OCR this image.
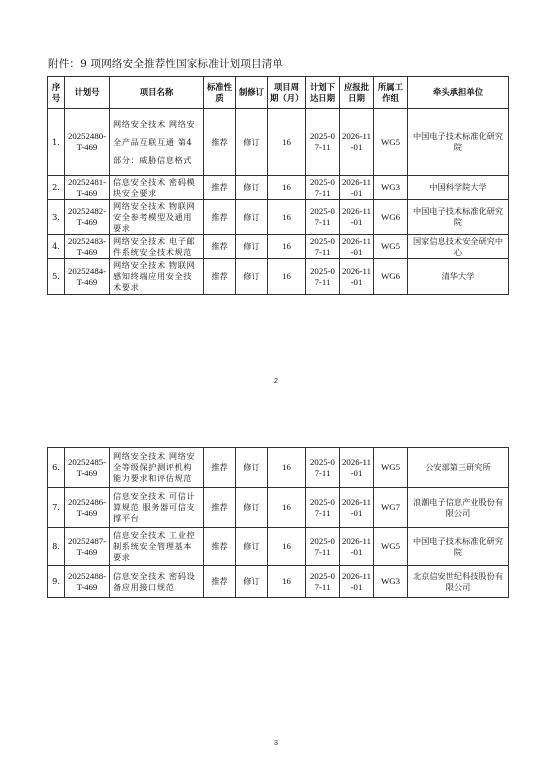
附件：9 项网络安全推荐性国家标准计划项目清单
序号	计划号	项目名称	标准性质	制修订	项目周期（月）	计划下达日期	应报批日期	所属工作组	牵头承担单位
1.	20252480-T-469	网络安全技术 网络安全产品互联互通 第4部分：威胁信息格式	推荐	修订	16	2025-07-11	2026-11-01	WG5	中国电子技术标准化研究院
2.	20252481-T-469	信息安全技术 密码模块安全要求	推荐	修订	16	2025-07-11	2026-11-01	WG3	中国科学院大学
3.	20252482-T-469	网络安全技术 物联网安全参考模型及通用要求	推荐	修订	16	2025-07-11	2026-11-01	WG6	中国电子技术标准化研究院
4.	20252483-T-469	网络安全技术 电子邮件系统安全技术规范	推荐	修订	16	2025-07-11	2026-11-01	WG5	国家信息技术安全研究中心
5.	20252484-T-469	网络安全技术 物联网感知终端应用安全技术要求	推荐	修订	16	2025-07-11	2026-11-01	WG6	清华大学
2
6.	20252485-T-469	网络安全技术 网络安全等级保护测评机构能力要求和评估规范	推荐	修订	16	2025-07-11	2026-11-01	WG5	公安部第三研究所
7.	20252486-T-469	信息安全技术 可信计算规范 服务器可信支撑平台	推荐	修订	16	2025-07-11	2026-11-01	WG7	浪潮电子信息产业股份有限公司
8.	20252487-T-469	信息安全技术 工业控制系统安全管理基本要求	推荐	修订	16	2025-07-11	2026-11-01	WG5	中国电子技术标准化研究院
9.	20252488-T-469	信息安全技术 密码设备应用接口规范	推荐	修订	16	2025-07-11	2026-11-01	WG3	北京信安世纪科技股份有限公司
3
